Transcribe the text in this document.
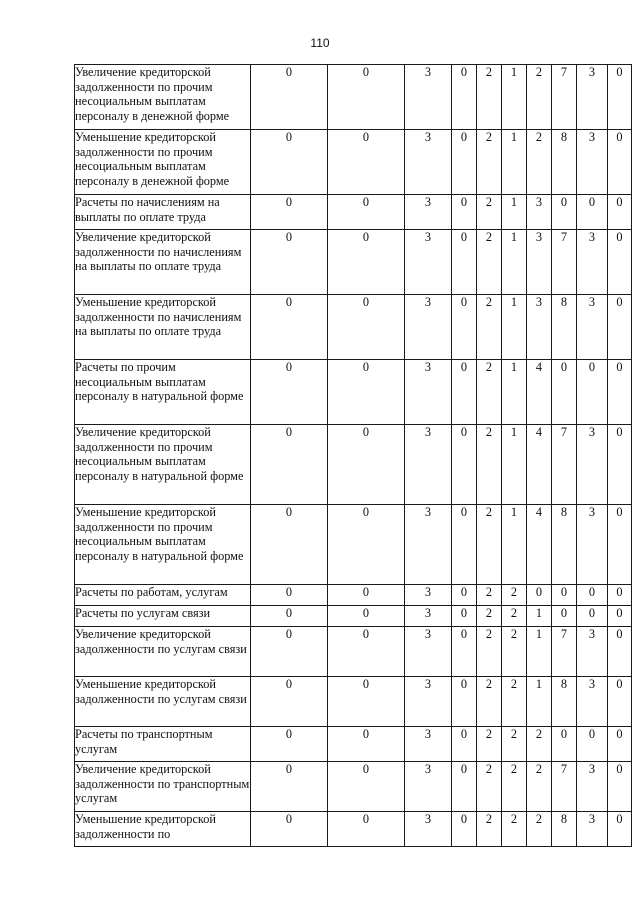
110
Увеличение кредиторской задолженности по прочим несоциальным выплатам персоналу в денежной форме	0	0	3	0	2	1	2	7	3	0
Уменьшение кредиторской задолженности по прочим несоциальным выплатам персоналу в денежной форме	0	0	3	0	2	1	2	8	3	0
Расчеты по начислениям на выплаты по оплате труда	0	0	3	0	2	1	3	0	0	0
Увеличение кредиторской задолженности по начислениям на выплаты по оплате труда	0	0	3	0	2	1	3	7	3	0
Уменьшение кредиторской задолженности по начислениям на выплаты по оплате труда	0	0	3	0	2	1	3	8	3	0
Расчеты по прочим несоциальным выплатам персоналу в натуральной форме	0	0	3	0	2	1	4	0	0	0
Увеличение кредиторской задолженности по прочим несоциальным выплатам персоналу в натуральной форме	0	0	3	0	2	1	4	7	3	0
Уменьшение кредиторской задолженности по прочим несоциальным выплатам персоналу в натуральной форме	0	0	3	0	2	1	4	8	3	0
Расчеты по работам, услугам	0	0	3	0	2	2	0	0	0	0
Расчеты по услугам связи	0	0	3	0	2	2	1	0	0	0
Увеличение кредиторской задолженности по услугам связи	0	0	3	0	2	2	1	7	3	0
Уменьшение кредиторской задолженности по услугам связи	0	0	3	0	2	2	1	8	3	0
Расчеты по транспортным услугам	0	0	3	0	2	2	2	0	0	0
Увеличение кредиторской задолженности по транспортным услугам	0	0	3	0	2	2	2	7	3	0
Уменьшение кредиторской задолженности по	0	0	3	0	2	2	2	8	3	0
